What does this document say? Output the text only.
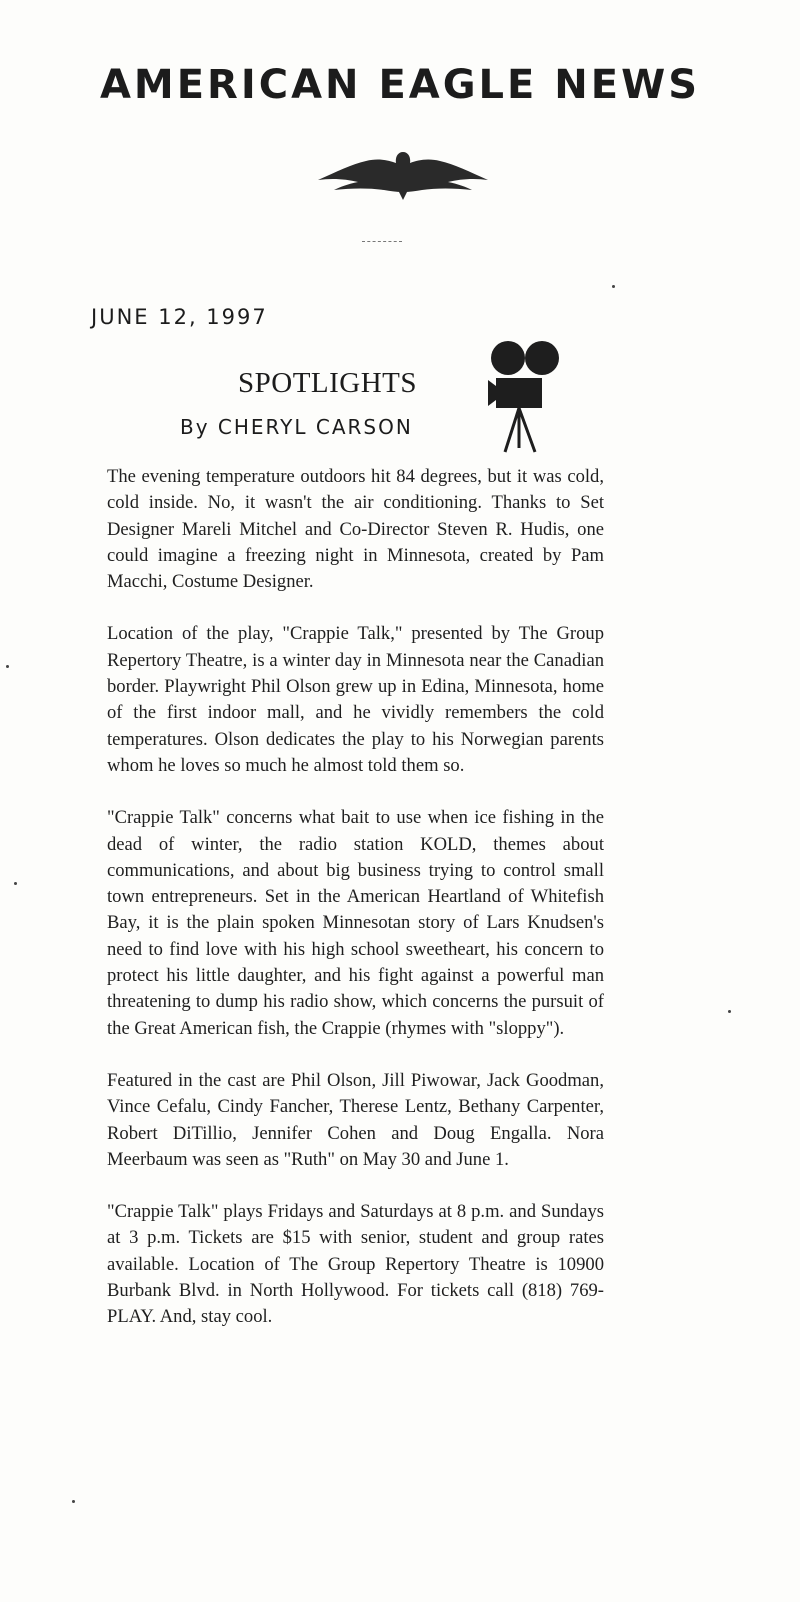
AMERICAN EAGLE NEWS
JUNE 12, 1997
SPOTLIGHTS
By CHERYL CARSON

The evening temperature outdoors hit 84 degrees, but it was cold, cold inside. No, it wasn't the air conditioning. Thanks to Set Designer Mareli Mitchel and Co-Director Steven R. Hudis, one could imagine a freezing night in Minnesota, created by Pam Macchi, Costume Designer.

Location of the play, "Crappie Talk," presented by The Group Repertory Theatre, is a winter day in Minnesota near the Canadian border. Playwright Phil Olson grew up in Edina, Minnesota, home of the first indoor mall, and he vividly remembers the cold temperatures. Olson dedicates the play to his Norwegian parents whom he loves so much he almost told them so.

"Crappie Talk" concerns what bait to use when ice fishing in the dead of winter, the radio station KOLD, themes about communications, and about big business trying to control small town entrepreneurs. Set in the American Heartland of Whitefish Bay, it is the plain spoken Minnesotan story of Lars Knudsen's need to find love with his high school sweetheart, his concern to protect his little daughter, and his fight against a powerful man threatening to dump his radio show, which concerns the pursuit of the Great American fish, the Crappie (rhymes with "sloppy").

Featured in the cast are Phil Olson, Jill Piwowar, Jack Goodman, Vince Cefalu, Cindy Fancher, Therese Lentz, Bethany Carpenter, Robert DiTillio, Jennifer Cohen and Doug Engalla. Nora Meerbaum was seen as "Ruth" on May 30 and June 1.

"Crappie Talk" plays Fridays and Saturdays at 8 p.m. and Sundays at 3 p.m. Tickets are $15 with senior, student and group rates available. Location of The Group Repertory Theatre is 10900 Burbank Blvd. in North Hollywood. For tickets call (818) 769-PLAY. And, stay cool.
